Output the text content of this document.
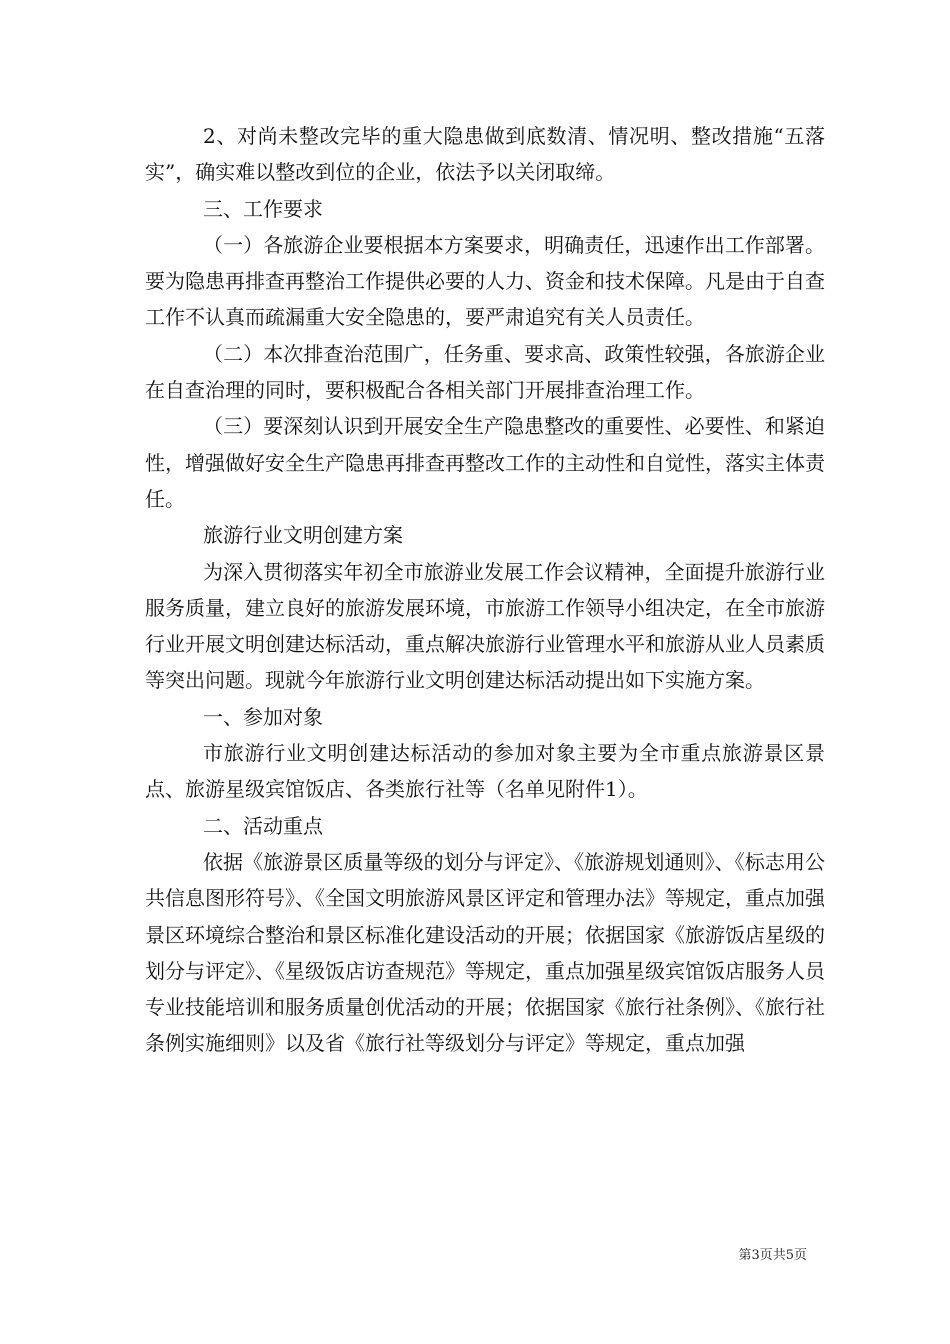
2、对尚未整改完毕的重大隐患做到底数清、情况明、整改措施“五落实”，确实难以整改到位的企业，依法予以关闭取缔。

三、工作要求

（一）各旅游企业要根据本方案要求，明确责任，迅速作出工作部署。要为隐患再排查再整治工作提供必要的人力、资金和技术保障。凡是由于自查工作不认真而疏漏重大安全隐患的，要严肃追究有关人员责任。

（二）本次排查治范围广，任务重、要求高、政策性较强，各旅游企业在自查治理的同时，要积极配合各相关部门开展排查治理工作。

（三）要深刻认识到开展安全生产隐患整改的重要性、必要性、和紧迫性，增强做好安全生产隐患再排查再整改工作的主动性和自觉性，落实主体责任。

旅游行业文明创建方案

为深入贯彻落实年初全市旅游业发展工作会议精神，全面提升旅游行业服务质量，建立良好的旅游发展环境，市旅游工作领导小组决定，在全市旅游行业开展文明创建达标活动，重点解决旅游行业管理水平和旅游从业人员素质等突出问题。现就今年旅游行业文明创建达标活动提出如下实施方案。

一、参加对象

市旅游行业文明创建达标活动的参加对象主要为全市重点旅游景区景点、旅游星级宾馆饭店、各类旅行社等（名单见附件1）。

二、活动重点

依据《旅游景区质量等级的划分与评定》、《旅游规划通则》、《标志用公共信息图形符号》、《全国文明旅游风景区评定和管理办法》等规定，重点加强景区环境综合整治和景区标准化建设活动的开展；依据国家《旅游饭店星级的划分与评定》、《星级饭店访查规范》等规定，重点加强星级宾馆饭店服务人员专业技能培训和服务质量创优活动的开展；依据国家《旅行社条例》、《旅行社条例实施细则》以及省《旅行社等级划分与评定》等规定，重点加强

第3页共5页
